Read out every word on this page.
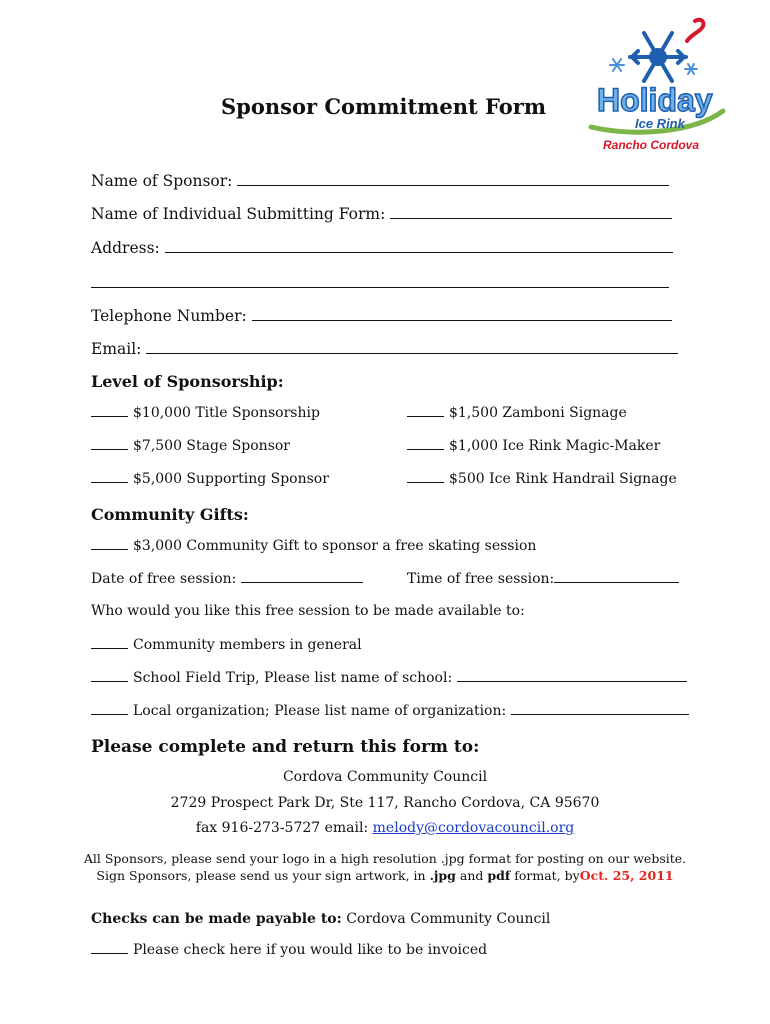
Holiday
Ice Rink
Rancho Cordova
Sponsor Commitment Form
Name of Sponsor:
Name of Individual Submitting Form:
Address:
Telephone Number:
Email:
Level of Sponsorship:
$10,000 Title Sponsorship
$7,500 Stage Sponsor
$5,000 Supporting Sponsor
$1,500 Zamboni Signage
$1,000 Ice Rink Magic-Maker
$500 Ice Rink Handrail Signage
Community Gifts:
$3,000 Community Gift to sponsor a free skating session
Date of free session:	Time of free session:
Who would you like this free session to be made available to:
Community members in general
School Field Trip, Please list name of school:
Local organization; Please list name of organization:
Please complete and return this form to:
Cordova Community Council
2729 Prospect Park Dr, Ste 117, Rancho Cordova, CA 95670
fax 916-273-5727 email: melody@cordovacouncil.org
All Sponsors, please send your logo in a high resolution .jpg format for posting on our website.
Sign Sponsors, please send us your sign artwork, in .jpg and pdf format, byOct. 25, 2011
Checks can be made payable to: Cordova Community Council
Please check here if you would like to be invoiced
